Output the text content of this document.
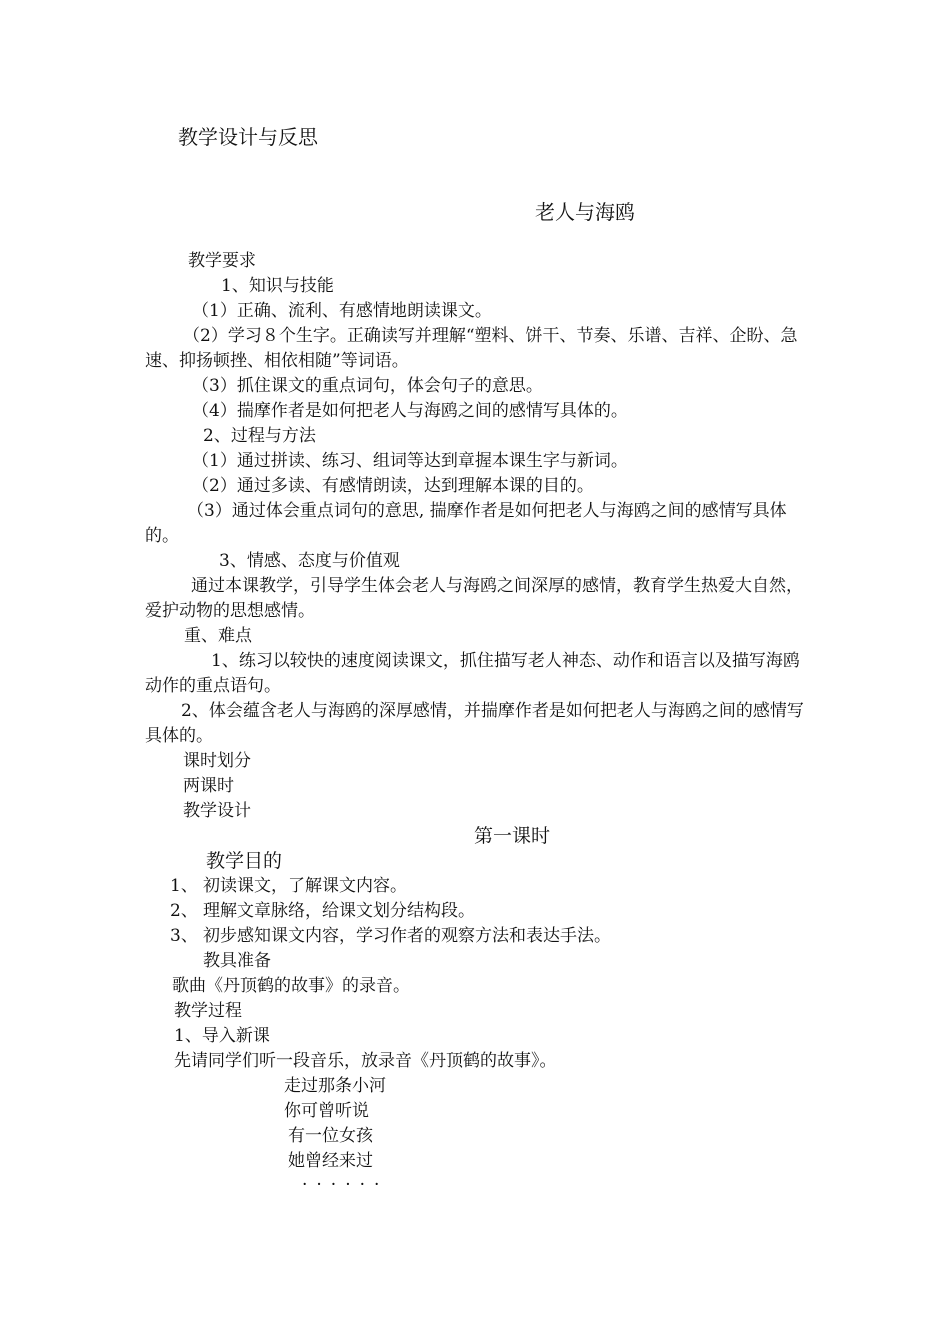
教学设计与反思

老人与海鸥

教学要求

1、知识与技能

（1）正确、流利、有感情地朗读课文。

（2）学习８个生字。正确读写并理解“塑料、饼干、节奏、乐谱、吉祥、企盼、急速、抑扬顿挫、相依相随”等词语。

（3）抓住课文的重点词句，体会句子的意思。

（4）揣摩作者是如何把老人与海鸥之间的感情写具体的。

2、过程与方法

（1）通过拼读、练习、组词等达到章握本课生字与新词。

（2）通过多读、有感情朗读，达到理解本课的目的。

（3）通过体会重点词句的意思, 揣摩作者是如何把老人与海鸥之间的感情写具体的。

3、情感、态度与价值观

通过本课教学，引导学生体会老人与海鸥之间深厚的感情，教育学生热爱大自然，爱护动物的思想感情。

重、难点

1、练习以较快的速度阅读课文，抓住描写老人神态、动作和语言以及描写海鸥动作的重点语句。

2、体会蕴含老人与海鸥的深厚感情，并揣摩作者是如何把老人与海鸥之间的感情写具体的。

课时划分

两课时

教学设计

第一课时

教学目的

1、 初读课文，了解课文内容。

2、 理解文章脉络，给课文划分结构段。

3、 初步感知课文内容，学习作者的观察方法和表达手法。

教具准备

歌曲《丹顶鹤的故事》的录音。

教学过程

1、导入新课

先请同学们听一段音乐，放录音《丹顶鹤的故事》。

走过那条小河

你可曾听说

有一位女孩

她曾经来过

······
